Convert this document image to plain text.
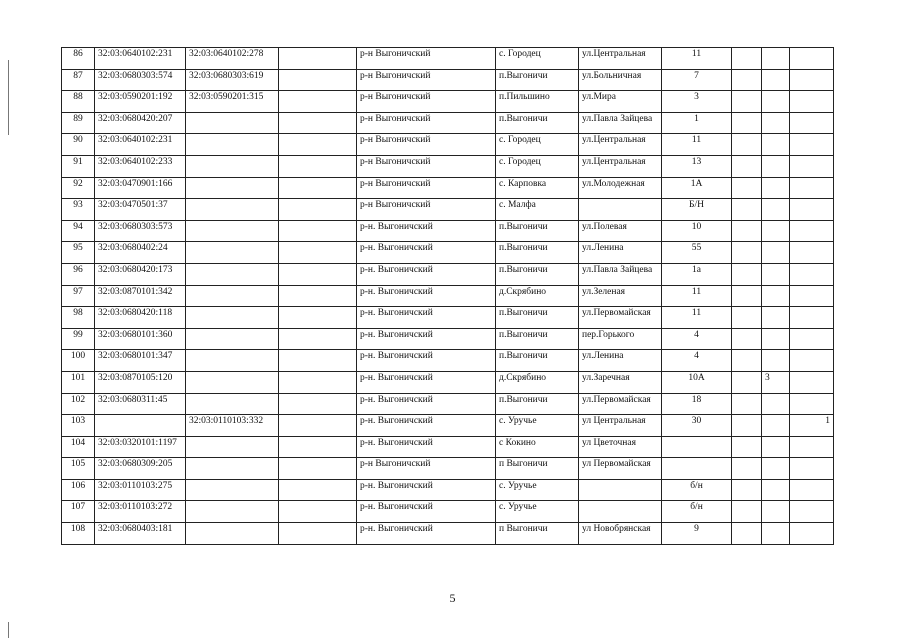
86	32:03:0640102:231	32:03:0640102:278		р-н Выгоничский	с. Городец	ул.Центральная	11			
87	32:03:0680303:574	32:03:0680303:619		р-н Выгоничский	п.Выгоничи	ул.Больничная	7			
88	32:03:0590201:192	32:03:0590201:315		р-н Выгоничский	п.Пильшино	ул.Мира	3			
89	32:03:0680420:207			р-н Выгоничский	п.Выгоничи	ул.Павла Зайцева	1			
90	32:03:0640102:231			р-н Выгоничский	с. Городец	ул.Центральная	11			
91	32:03:0640102:233			р-н Выгоничский	с. Городец	ул.Центральная	13			
92	32:03:0470901:166			р-н Выгоничский	с. Карповка	ул.Молодежная	1А			
93	32:03:0470501:37			р-н Выгоничский	с. Малфа		Б/Н			
94	32:03:0680303:573			р-н. Выгоничский	п.Выгоничи	ул.Полевая	10			
95	32:03:0680402:24			р-н. Выгоничский	п.Выгоничи	ул.Ленина	55			
96	32:03:0680420:173			р-н. Выгоничский	п.Выгоничи	ул.Павла Зайцева	1а			
97	32:03:0870101:342			р-н. Выгоничский	д.Скрябино	ул.Зеленая	11			
98	32:03:0680420:118			р-н. Выгоничский	п.Выгоничи	ул.Первомайская	11			
99	32:03:0680101:360			р-н. Выгоничский	п.Выгоничи	пер.Горького	4			
100	32:03:0680101:347			р-н. Выгоничский	п.Выгоничи	ул.Ленина	4			
101	32:03:0870105:120			р-н. Выгоничский	д.Скрябино	ул.Заречная	10А		3	
102	32:03:0680311:45			р-н. Выгоничский	п.Выгоничи	ул.Первомайская	18			
103		32:03:0110103:332		р-н. Выгоничский	с. Уручье	ул Центральная	30			1
104	32:03:0320101:1197			р-н. Выгоничский	с Кокино	ул Цветочная				
105	32:03:0680309:205			р-н Выгоничский	п Выгоничи	ул Первомайская				
106	32:03:0110103:275			р-н. Выгоничский	с. Уручье		б/н			
107	32:03:0110103:272			р-н. Выгоничский	с. Уручье		б/н			
108	32:03:0680403:181			р-н. Выгоничский	п Выгоничи	ул Новобрянская	9			
5
